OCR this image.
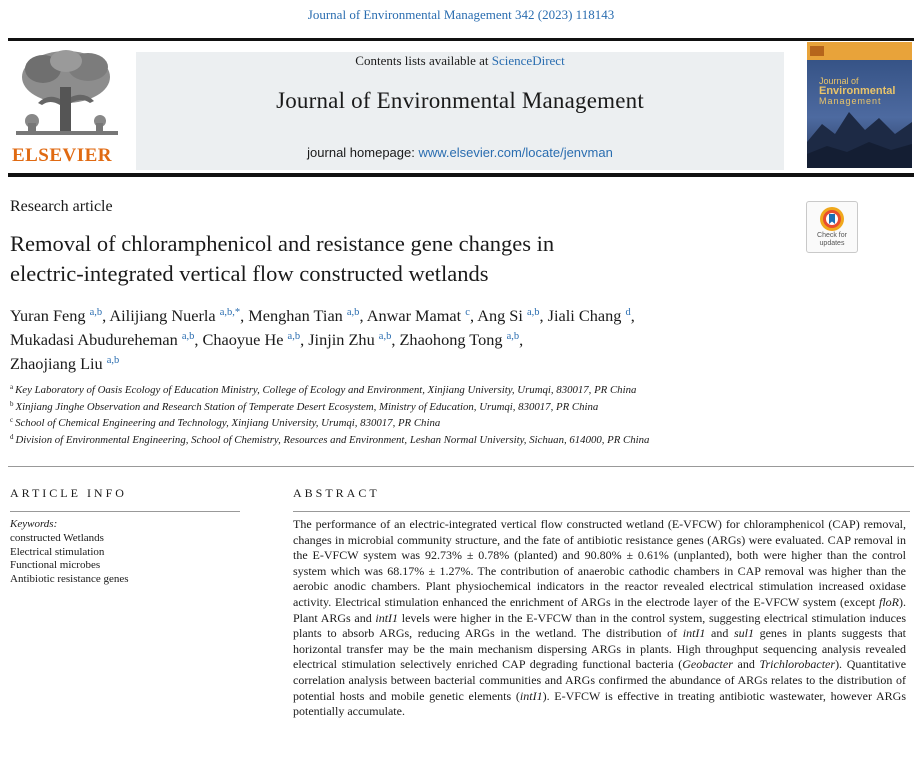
Journal of Environmental Management 342 (2023) 118143
ELSEVIER
Contents lists available at ScienceDirect
Journal of Environmental Management
journal homepage: www.elsevier.com/locate/jenvman
Journal of
Environmental
Management
Research article
Check for
updates
Removal of chloramphenicol and resistance gene changes in
electric-integrated vertical flow constructed wetlands
Yuran Feng $^{a,b}$, Ailijiang Nuerla $^{a,b,*}$, Menghan Tian $^{a,b}$, Anwar Mamat $^c$, Ang Si $^{a,b}$, Jiali Chang $^d$,
Mukadasi Abudureheman $^{a,b}$, Chaoyue He $^{a,b}$, Jinjin Zhu $^{a,b}$, Zhaohong Tong $^{a,b}$,
Zhaojiang Liu $^{a,b}$
$^a$ Key Laboratory of Oasis Ecology of Education Ministry, College of Ecology and Environment, Xinjiang University, Urumqi, 830017, PR China
$^b$ Xinjiang Jinghe Observation and Research Station of Temperate Desert Ecosystem, Ministry of Education, Urumqi, 830017, PR China
$^c$ School of Chemical Engineering and Technology, Xinjiang University, Urumqi, 830017, PR China
$^d$ Division of Environmental Engineering, School of Chemistry, Resources and Environment, Leshan Normal University, Sichuan, 614000, PR China
ARTICLE INFO	ABSTRACT
Keywords:
constructed Wetlands
Electrical stimulation
Functional microbes
Antibiotic resistance genes
The performance of an electric-integrated vertical flow constructed wetland (E-VFCW) for chloramphenicol (CAP) removal, changes in microbial community structure, and the fate of antibiotic resistance genes (ARGs) were evaluated. CAP removal in the E-VFCW system was 92.73% ± 0.78% (planted) and 90.80% ± 0.61% (unplanted), both were higher than the control system which was 68.17% ± 1.27%. The contribution of anaerobic cathodic chambers in CAP removal was higher than the aerobic anodic chambers. Plant physiochemical indicators in the reactor revealed electrical stimulation increased oxidase activity. Electrical stimulation enhanced the enrichment of ARGs in the electrode layer of the E-VFCW system (except floR). Plant ARGs and intI1 levels were higher in the E-VFCW than in the control system, suggesting electrical stimulation induces plants to absorb ARGs, reducing ARGs in the wetland. The distribution of intI1 and sul1 genes in plants suggests that horizontal transfer may be the main mechanism dispersing ARGs in plants. High throughput sequencing analysis revealed electrical stimulation selectively enriched CAP degrading functional bacteria (Geobacter and Trichlorobacter). Quantitative correlation analysis between bacterial communities and ARGs confirmed the abundance of ARGs relates to the distribution of potential hosts and mobile genetic elements (intI1). E-VFCW is effective in treating antibiotic wastewater, however ARGs potentially accumulate.
